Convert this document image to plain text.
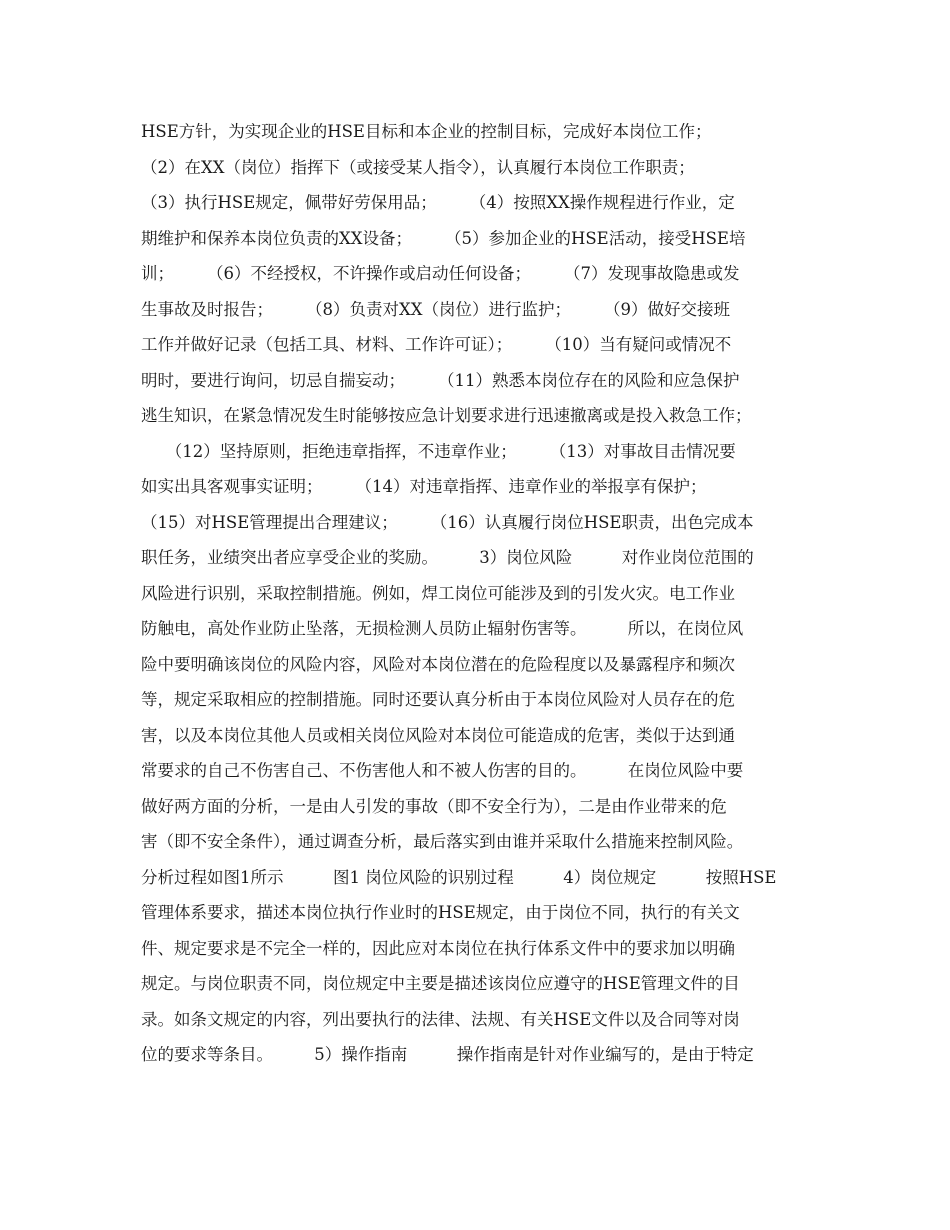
HSE方针，为实现企业的HSE目标和本企业的控制目标，完成好本岗位工作；
（2）在XX（岗位）指挥下（或接受某人指令），认真履行本岗位工作职责；
（3）执行HSE规定，佩带好劳保用品；　　　（4）按照XX操作规程进行作业，定
期维护和保养本岗位负责的XX设备；　　　（5）参加企业的HSE活动，接受HSE培
训；　　　（6）不经授权，不许操作或启动任何设备；　　　（7）发现事故隐患或发
生事故及时报告；　　　（8）负责对XX（岗位）进行监护；　　　（9）做好交接班
工作并做好记录（包括工具、材料、工作许可证）；　　　（10）当有疑问或情况不
明时，要进行询问，切忌自揣妄动；　　　（11）熟悉本岗位存在的风险和应急保护
逃生知识，在紧急情况发生时能够按应急计划要求进行迅速撤离或是投入救急工作；
　　（12）坚持原则，拒绝违章指挥，不违章作业；　　　（13）对事故目击情况要
如实出具客观事实证明；　　　（14）对违章指挥、违章作业的举报享有保护；
（15）对HSE管理提出合理建议；　　　（16）认真履行岗位HSE职责，出色完成本
职任务，业绩突出者应享受企业的奖励。　　　3）岗位风险　　　对作业岗位范围的
风险进行识别，采取控制措施。例如，焊工岗位可能涉及到的引发火灾。电工作业
防触电，高处作业防止坠落，无损检测人员防止辐射伤害等。　　　所以，在岗位风
险中要明确该岗位的风险内容，风险对本岗位潜在的危险程度以及暴露程序和频次
等，规定采取相应的控制措施。同时还要认真分析由于本岗位风险对人员存在的危
害，以及本岗位其他人员或相关岗位风险对本岗位可能造成的危害，类似于达到通
常要求的自己不伤害自己、不伤害他人和不被人伤害的目的。　　　在岗位风险中要
做好两方面的分析，一是由人引发的事故（即不安全行为），二是由作业带来的危
害（即不安全条件），通过调查分析，最后落实到由谁并采取什么措施来控制风险。
分析过程如图1所示　　　图1 岗位风险的识别过程　　　4）岗位规定　　　按照HSE
管理体系要求，描述本岗位执行作业时的HSE规定，由于岗位不同，执行的有关文
件、规定要求是不完全一样的，因此应对本岗位在执行体系文件中的要求加以明确
规定。与岗位职责不同，岗位规定中主要是描述该岗位应遵守的HSE管理文件的目
录。如条文规定的内容，列出要执行的法律、法规、有关HSE文件以及合同等对岗
位的要求等条目。　　　5）操作指南　　　操作指南是针对作业编写的，是由于特定
